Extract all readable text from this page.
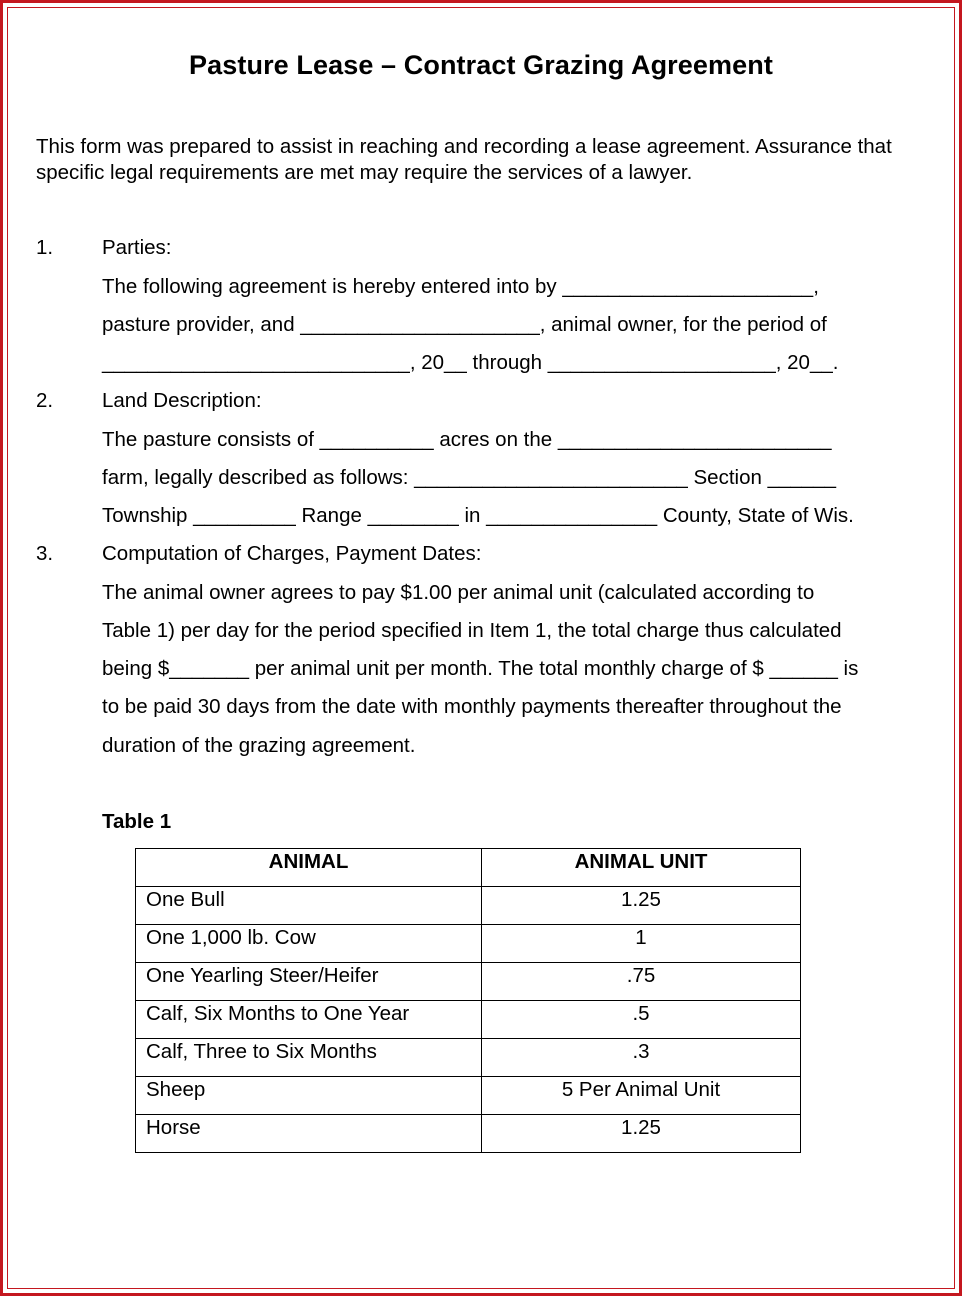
Pasture Lease – Contract Grazing Agreement
This form was prepared to assist in reaching and recording a lease agreement. Assurance that specific legal requirements are met may require the services of a lawyer.
1. Parties:
The following agreement is hereby entered into by ______________________,
pasture provider, and _____________________, animal owner, for the period of
___________________________, 20__ through ____________________, 20__.
2. Land Description:
The pasture consists of __________ acres on the ________________________
farm, legally described as follows: ________________________ Section ______
Township _________ Range ________ in _______________ County, State of Wis.
3. Computation of Charges, Payment Dates:
The animal owner agrees to pay $1.00 per animal unit (calculated according to
Table 1) per day for the period specified in Item 1, the total charge thus calculated
being $_______ per animal unit per month. The total monthly charge of $ ______ is
to be paid 30 days from the date with monthly payments thereafter throughout the
duration of the grazing agreement.
Table 1
ANIMAL	ANIMAL UNIT
One Bull	1.25
One 1,000 lb. Cow	1
One Yearling Steer/Heifer	.75
Calf, Six Months to One Year	.5
Calf, Three to Six Months	.3
Sheep	5 Per Animal Unit
Horse	1.25
